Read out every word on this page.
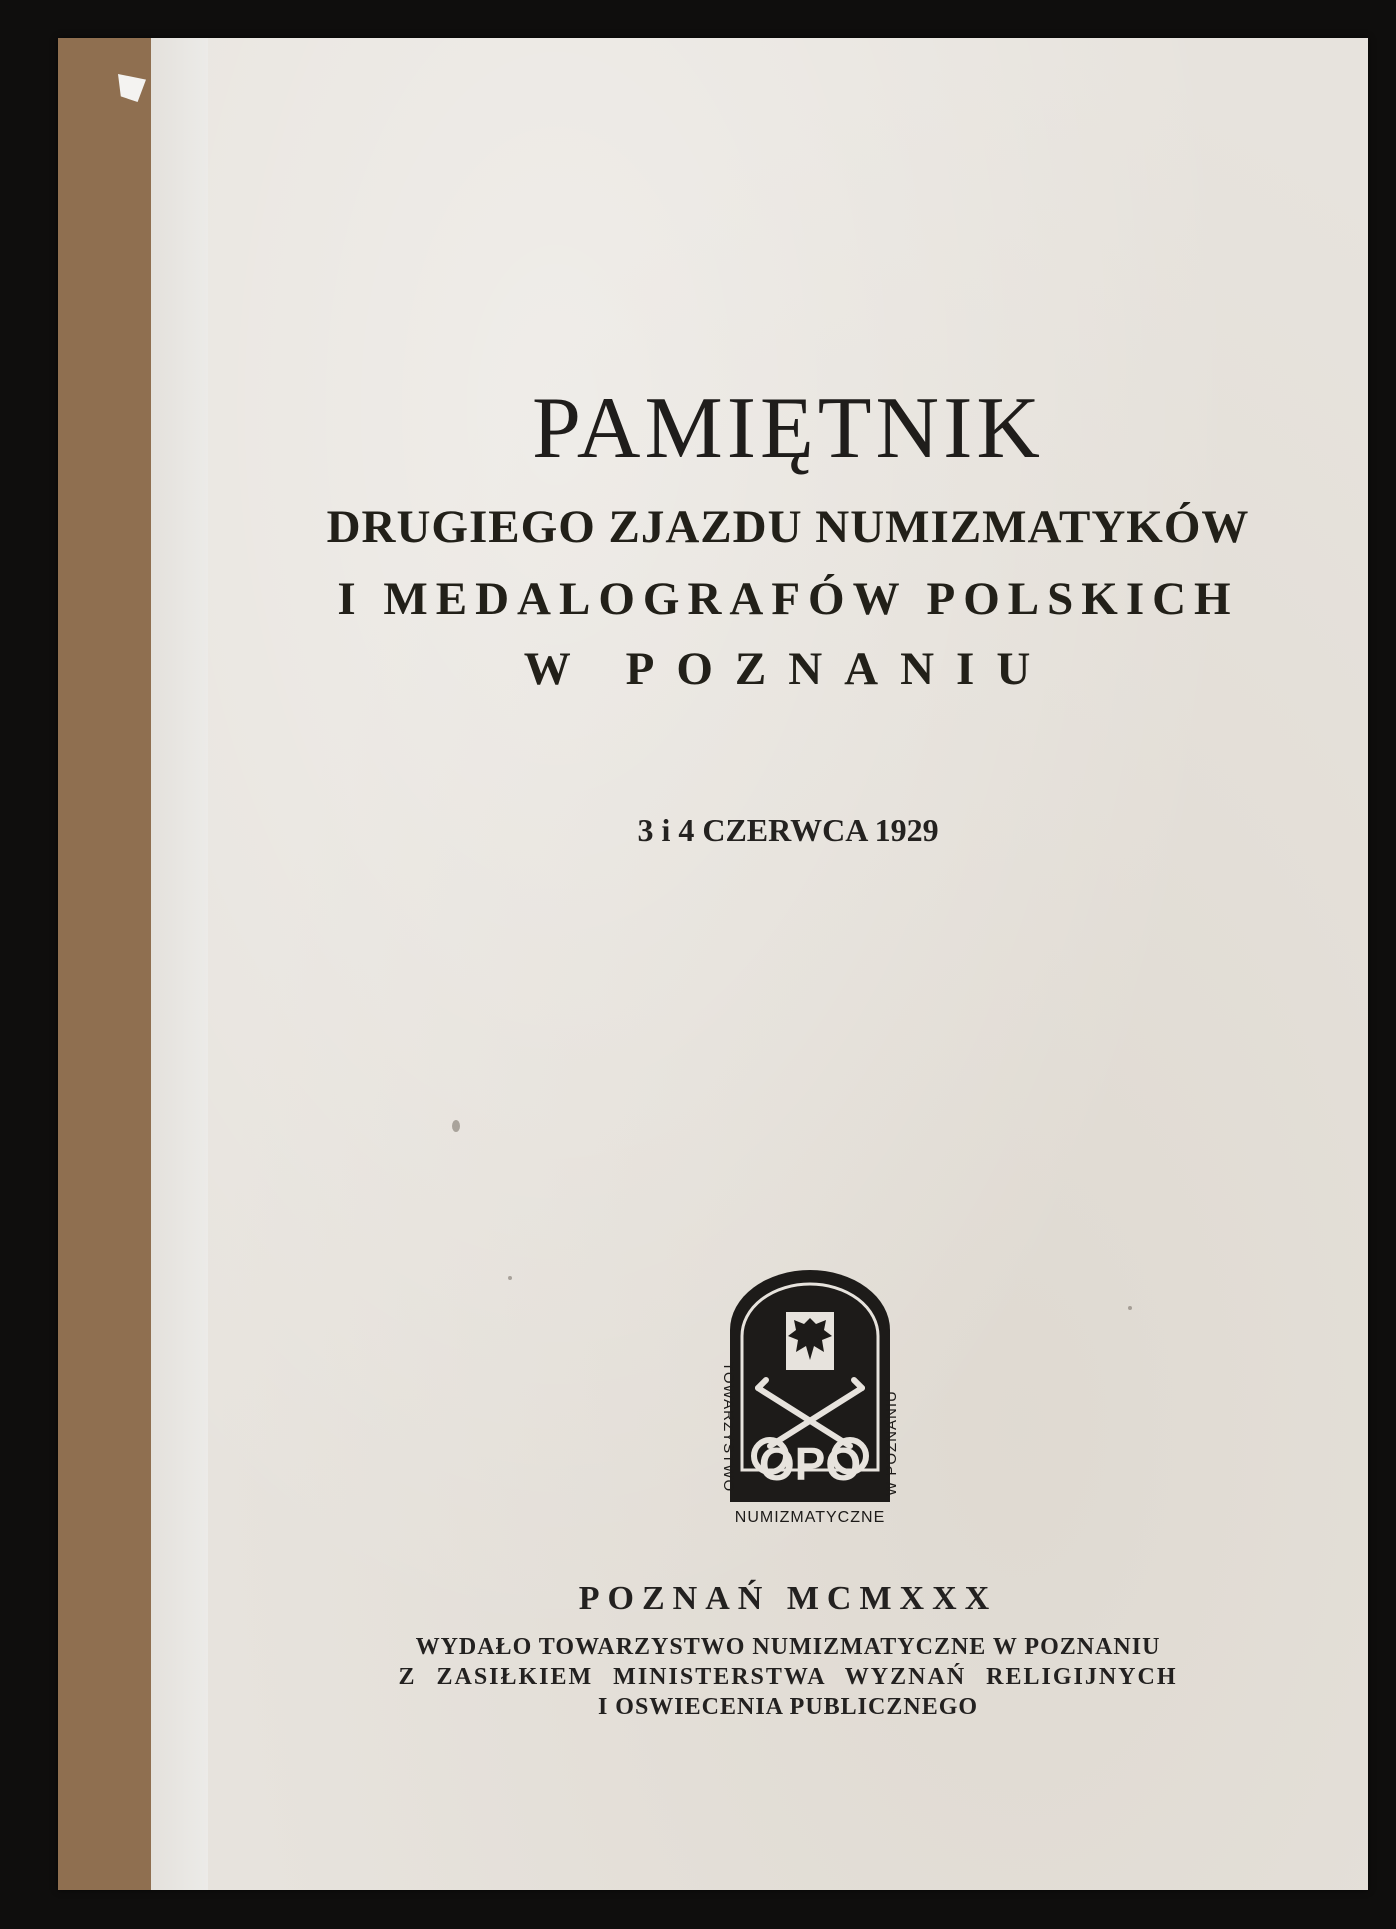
PAMIĘTNIK
DRUGIEGO ZJAZDU NUMIZMATYKÓW
I MEDALOGRAFÓW POLSKICH
W POZNANIU
3 i 4 CZERWCA 1929
OPO
TOWARZYSTWO	W POZNANIU
NUMIZMATYCZNE
POZNAŃ MCMXXX
WYDAŁO TOWARZYSTWO NUMIZMATYCZNE W POZNANIU
Z ZASIŁKIEM MINISTERSTWA WYZNAŃ RELIGIJNYCH
I OSWIECENIA PUBLICZNEGO
